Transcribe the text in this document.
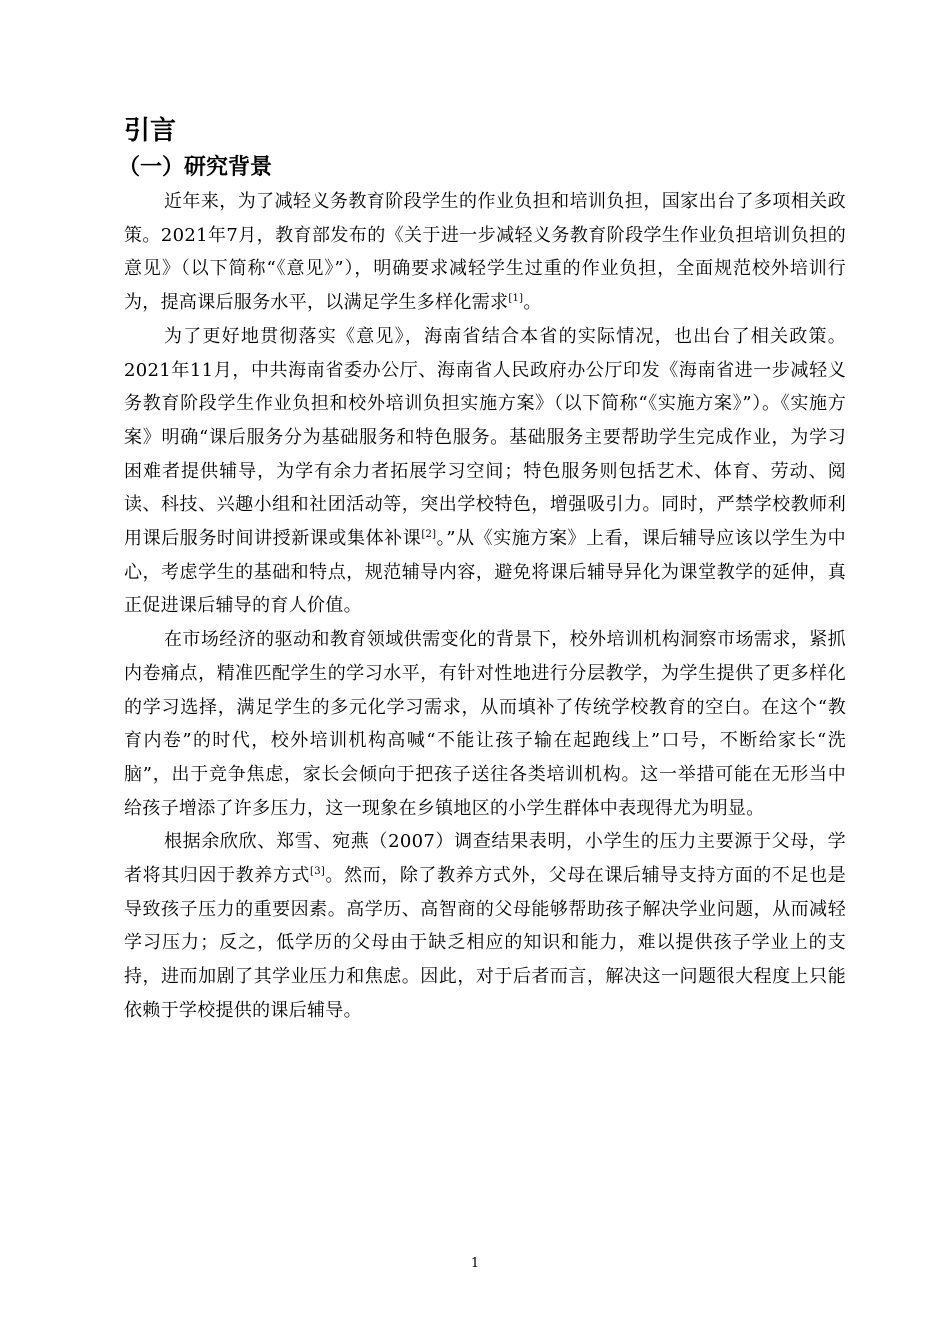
引言
（一）研究背景

近年来，为了减轻义务教育阶段学生的作业负担和培训负担，国家出台了多项相关政策。2021年7月，教育部发布的《关于进一步减轻义务教育阶段学生作业负担培训负担的意见》（以下简称“《意见》”），明确要求减轻学生过重的作业负担，全面规范校外培训行为，提高课后服务水平，以满足学生多样化需求[1]。

为了更好地贯彻落实《意见》，海南省结合本省的实际情况，也出台了相关政策。2021年11月，中共海南省委办公厅、海南省人民政府办公厅印发《海南省进一步减轻义务教育阶段学生作业负担和校外培训负担实施方案》（以下简称“《实施方案》”）。《实施方案》明确“课后服务分为基础服务和特色服务。基础服务主要帮助学生完成作业，为学习困难者提供辅导，为学有余力者拓展学习空间；特色服务则包括艺术、体育、劳动、阅读、科技、兴趣小组和社团活动等，突出学校特色，增强吸引力。同时，严禁学校教师利用课后服务时间讲授新课或集体补课[2]。”从《实施方案》上看，课后辅导应该以学生为中心，考虑学生的基础和特点，规范辅导内容，避免将课后辅导异化为课堂教学的延伸，真正促进课后辅导的育人价值。

在市场经济的驱动和教育领域供需变化的背景下，校外培训机构洞察市场需求，紧抓内卷痛点，精准匹配学生的学习水平，有针对性地进行分层教学，为学生提供了更多样化的学习选择，满足学生的多元化学习需求，从而填补了传统学校教育的空白。在这个“教育内卷”的时代，校外培训机构高喊“不能让孩子输在起跑线上”口号，不断给家长“洗脑”，出于竞争焦虑，家长会倾向于把孩子送往各类培训机构。这一举措可能在无形当中给孩子增添了许多压力，这一现象在乡镇地区的小学生群体中表现得尤为明显。

根据余欣欣、郑雪、宛燕（2007）调查结果表明，小学生的压力主要源于父母，学者将其归因于教养方式[3]。然而，除了教养方式外，父母在课后辅导支持方面的不足也是导致孩子压力的重要因素。高学历、高智商的父母能够帮助孩子解决学业问题，从而减轻学习压力；反之，低学历的父母由于缺乏相应的知识和能力，难以提供孩子学业上的支持，进而加剧了其学业压力和焦虑。因此，对于后者而言，解决这一问题很大程度上只能依赖于学校提供的课后辅导。

1
